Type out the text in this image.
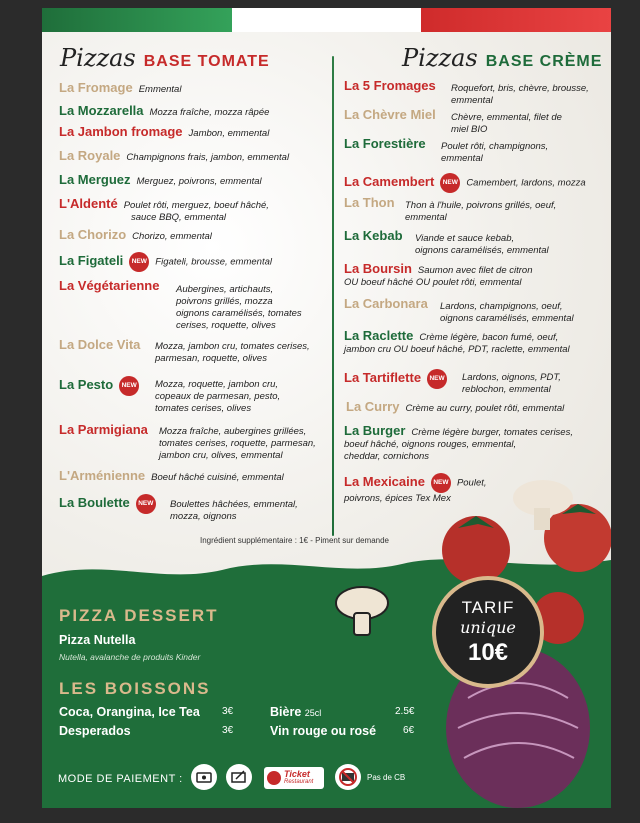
Pizzas BASE TOMATE	Pizzas BASE CRÈME
La Fromage Emmental
La Mozzarella Mozza fraîche, mozza râpée
La Jambon fromage Jambon, emmental
La Royale Champignons frais, jambon, emmental
La Merguez Merguez, poivrons, emmental
L'Aldenté Poulet rôti, merguez, boeuf hâché,
sauce BBQ, emmental
La Chorizo Chorizo, emmental
La Figateli NEW Figateli, brousse, emmental
La Végétarienne	Aubergines, artichauts,
poivrons grillés, mozza
oignons caramélisés, tomates
cerises, roquette, olives
La Dolce Vita	Mozza, jambon cru, tomates cerises,
parmesan, roquette, olives
La Pesto NEW	Mozza, roquette, jambon cru,
copeaux de parmesan, pesto,
tomates cerises, olives
La Parmigiana	Mozza fraîche, aubergines grillées,
tomates cerises, roquette, parmesan,
jambon cru, olives, emmental
L'Arménienne Boeuf hâché cuisiné, emmental
La Boulette NEW	Boulettes hâchées, emmental,
mozza, oignons
La 5 Fromages	Roquefort, bris, chèvre, brousse,
emmental
La Chèvre Miel	Chèvre, emmental, filet de
miel BIO
La Forestière	Poulet rôti, champignons,
emmental
La Camembert NEW Camembert, lardons, mozza
La Thon	Thon à l'huile, poivrons grillés, oeuf,
emmental
La Kebab	Viande et sauce kebab,
oignons caramélisés, emmental
La Boursin Saumon avec filet de citron
OU boeuf hâché OU poulet rôti, emmental
La Carbonara	Lardons, champignons, oeuf,
oignons caramélisés, emmental
La Raclette Crème légère, bacon fumé, oeuf,
jambon cru OU boeuf hâché, PDT, raclette, emmental
La Tartiflette NEW	Lardons, oignons, PDT,
reblochon, emmental
La Curry Crème au curry, poulet rôti, emmental
La Burger Crème légère burger, tomates cerises,
boeuf hâché, oignons rouges, emmental,
cheddar, cornichons
La Mexicaine NEW Poulet,
poivrons, épices Tex Mex
Ingrédient supplémentaire : 1€ - Piment sur demande
TARIF
unique
10€
PIZZA DESSERT
Pizza Nutella
Nutella, avalanche de produits Kinder
LES BOISSONS
Coca, Orangina, Ice Tea 3€
Desperados	3€
Bière 25cl	2.5€
Vin rouge ou rosé	6€
MODE DE PAIEMENT :	Ticket
Restaurant	Pas de CB
